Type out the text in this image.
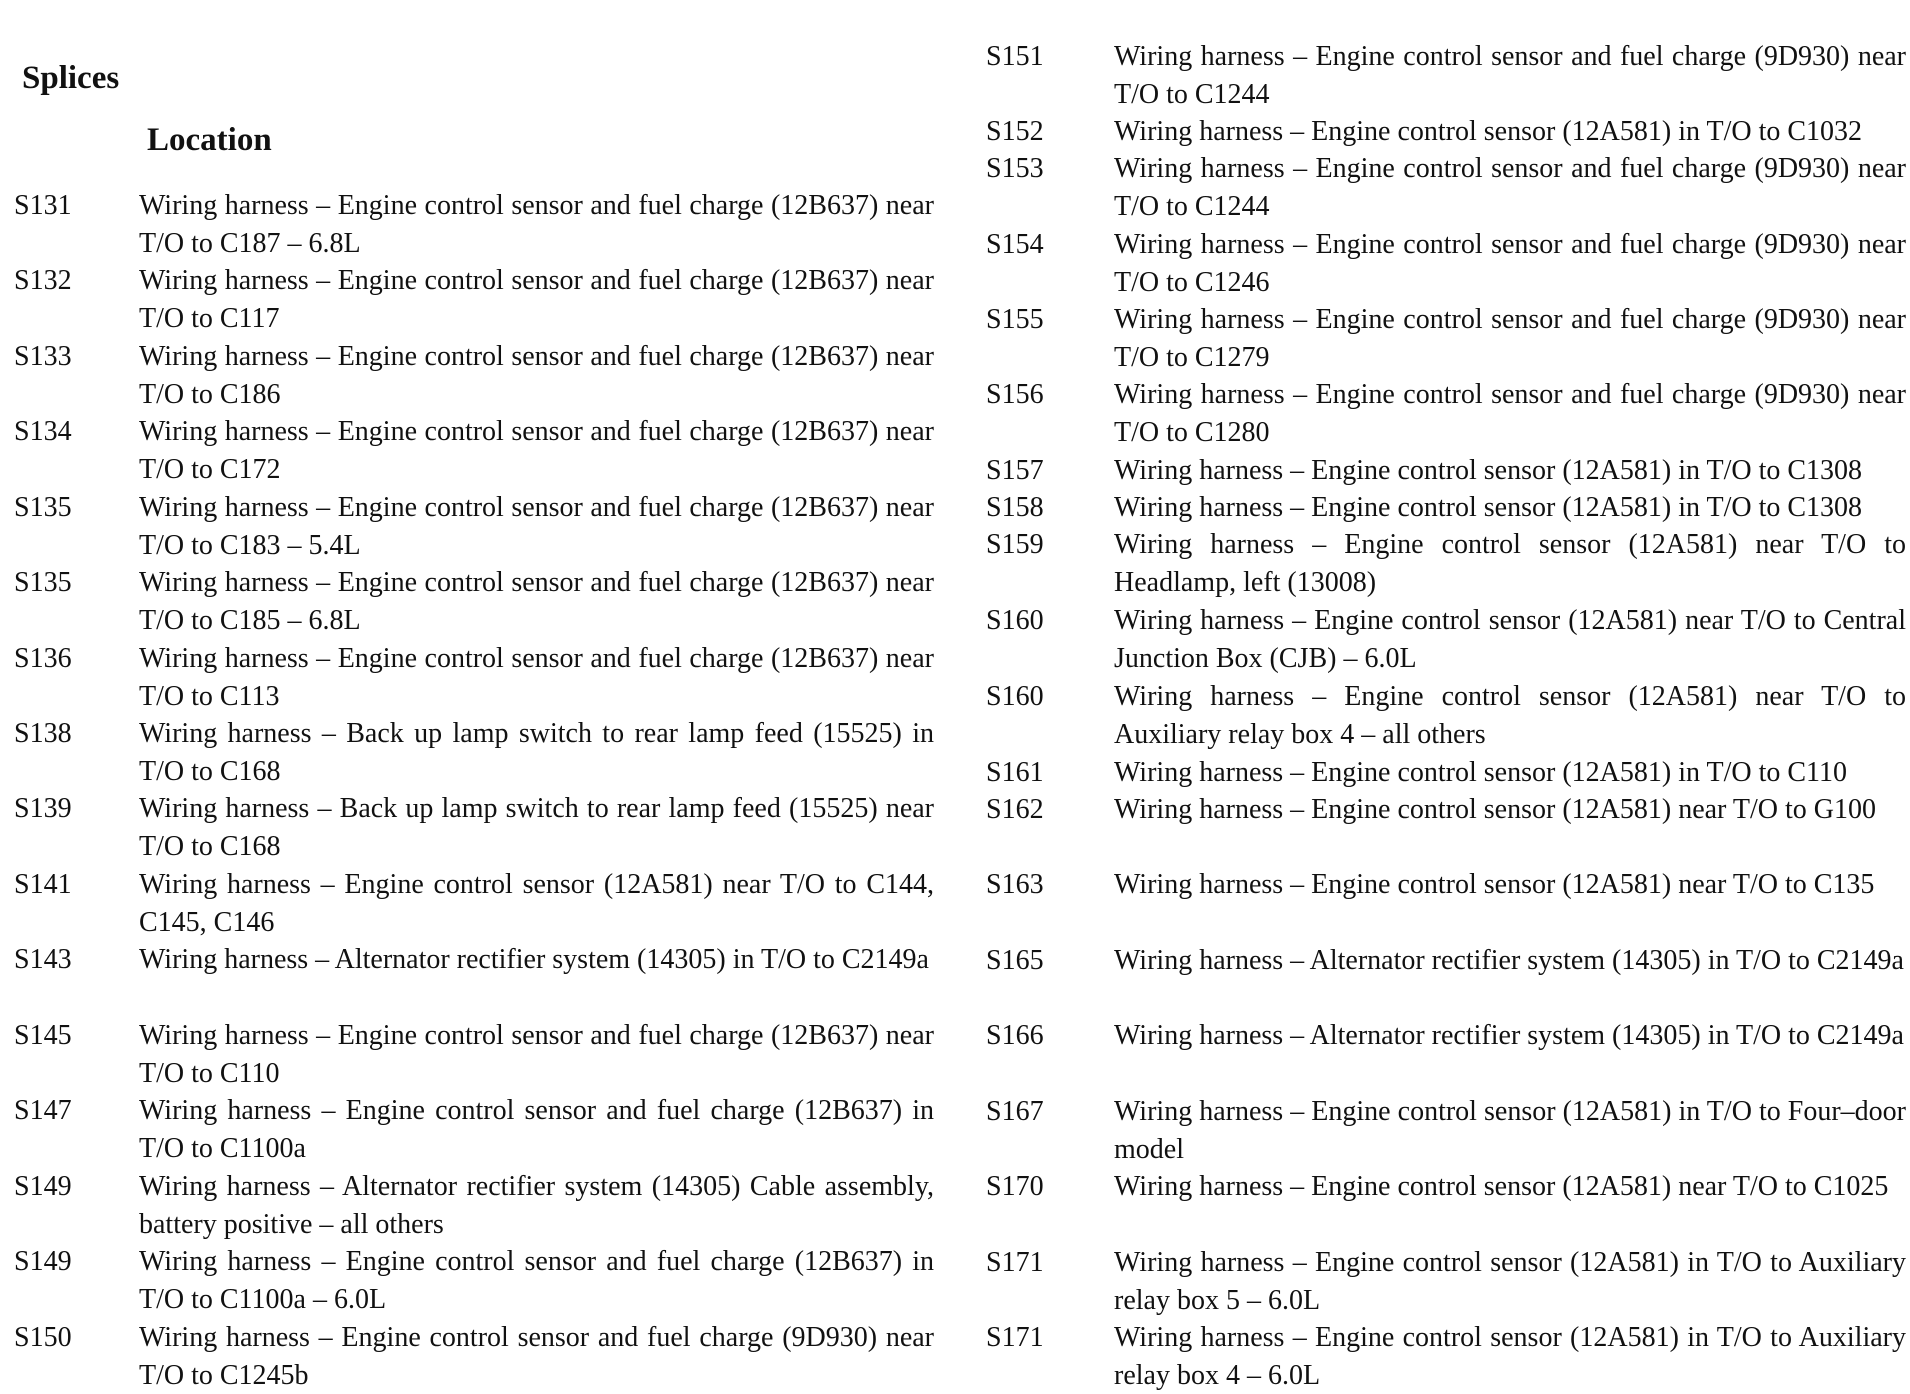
Splices
Location
S131	Wiring harness – Engine control sensor and fuel charge (12B637) near T/O to C187 – 6.8L
S132	Wiring harness – Engine control sensor and fuel charge (12B637) near T/O to C117
S133	Wiring harness – Engine control sensor and fuel charge (12B637) near T/O to C186
S134	Wiring harness – Engine control sensor and fuel charge (12B637) near T/O to C172
S135	Wiring harness – Engine control sensor and fuel charge (12B637) near T/O to C183 – 5.4L
S135	Wiring harness – Engine control sensor and fuel charge (12B637) near T/O to C185 – 6.8L
S136	Wiring harness – Engine control sensor and fuel charge (12B637) near T/O to C113
S138	Wiring harness – Back up lamp switch to rear lamp feed (15525) in T/O to C168
S139	Wiring harness – Back up lamp switch to rear lamp feed (15525) near T/O to C168
S141	Wiring harness – Engine control sensor (12A581) near T/O to C144, C145, C146
S143	Wiring harness – Alternator rectifier system (14305) in T/O to C2149a
S145	Wiring harness – Engine control sensor and fuel charge (12B637) near T/O to C110
S147	Wiring harness – Engine control sensor and fuel charge (12B637) in T/O to C1100a
S149	Wiring harness – Alternator rectifier system (14305) Cable assembly, battery positive – all others
S149	Wiring harness – Engine control sensor and fuel charge (12B637) in T/O to C1100a – 6.0L
S150	Wiring harness – Engine control sensor and fuel charge (9D930) near T/O to C1245b
S151	Wiring harness – Engine control sensor and fuel charge (9D930) near T/O to C1244
S152	Wiring harness – Engine control sensor (12A581) in T/O to C1032
S153	Wiring harness – Engine control sensor and fuel charge (9D930) near T/O to C1244
S154	Wiring harness – Engine control sensor and fuel charge (9D930) near T/O to C1246
S155	Wiring harness – Engine control sensor and fuel charge (9D930) near T/O to C1279
S156	Wiring harness – Engine control sensor and fuel charge (9D930) near T/O to C1280
S157	Wiring harness – Engine control sensor (12A581) in T/O to C1308
S158	Wiring harness – Engine control sensor (12A581) in T/O to C1308
S159	Wiring harness – Engine control sensor (12A581) near T/O to Headlamp, left (13008)
S160	Wiring harness – Engine control sensor (12A581) near T/O to Central Junction Box (CJB) – 6.0L
S160	Wiring harness – Engine control sensor (12A581) near T/O to Auxiliary relay box 4 – all others
S161	Wiring harness – Engine control sensor (12A581) in T/O to C110
S162	Wiring harness – Engine control sensor (12A581) near T/O to G100
S163	Wiring harness – Engine control sensor (12A581) near T/O to C135
S165	Wiring harness – Alternator rectifier system (14305) in T/O to C2149a
S166	Wiring harness – Alternator rectifier system (14305) in T/O to C2149a
S167	Wiring harness – Engine control sensor (12A581) in T/O to Four–door model
S170	Wiring harness – Engine control sensor (12A581) near T/O to C1025
S171	Wiring harness – Engine control sensor (12A581) in T/O to Auxiliary relay box 5 – 6.0L
S171	Wiring harness – Engine control sensor (12A581) in T/O to Auxiliary relay box 4 – 6.0L
